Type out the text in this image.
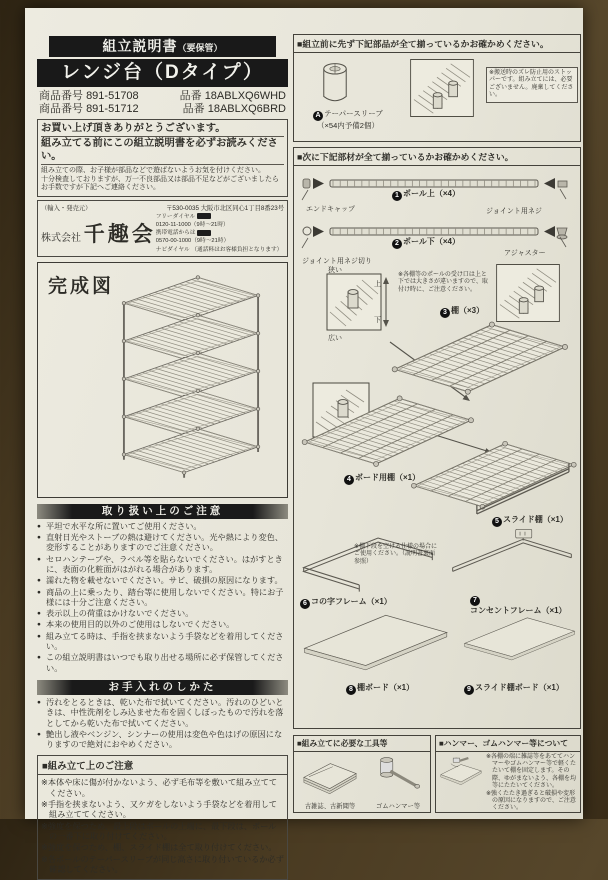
組立説明書（要保管）
レンジ台（Dタイプ）
商品番号 891-51708	品番 18ABLXQ6WHD
商品番号 891-51712	品番 18ABLXQ6BRD
お買い上げ頂きありがとうございます。
組み立てる前にこの組立説明書を必ずお読みください。
組み立ての際、お子様が部品などで遊ばないようお気を付けください。
十分検査しておりますが、万一不良部品又は部品不足などがございましたらお手数ですが下記へご連絡ください。
（輸入・発売元）	〒530-0035 大阪市北区同心1丁目8番23号
株式会社 千趣会
フリーダイヤル 0120-11-1000（9時〜21時）
携帯電話からは 0570-00-1000（9時〜21時）
ナビダイヤル （通話料はお客様負担となります）
完成図
取り扱い上のご注意
● 平坦で水平な所に置いてご使用ください。
● 直射日光やストーブの熱は避けてください。光や熱により変色、変形することがありますのでご注意ください。
● セロハンテープや、ラベル等を貼らないでください。はがすときに、表面の化粧面がはがれる場合があります。
● 濡れた物を載せないでください。サビ、破損の原因になります。
● 商品の上に乗ったり、踏台等に使用しないでください。特にお子様には十分ご注意ください。
● 表示以上の荷重はかけないでください。
● 本来の使用目的以外のご使用はしないでください。
● 組み立てる時は、手指を挟まないよう手袋などを着用してください。
● この組立説明書はいつでも取り出せる場所に必ず保管してください。
お手入れのしかた
● 汚れをとるときは、乾いた布で拭いてください。汚れのひどいときは、中性洗剤をしみ込ませた布を固くしぼったもので汚れを落としてから乾いた布で拭いてください。
● 艶出し液やベンジン、シンナーの使用は変色や色はげの原因になりますので絶対におやめください。
■組み立て上のご注意
※本体や床に傷が付かないよう、必ず毛布等を敷いて組み立ててください。
※手指を挟まないよう、又ケガをしないよう手袋などを着用して組み立ててください。
※強度を保つため、最上段はポールの上端に、最下段は、ポールの一番下に取り付けてください。
※強度を保つため、棚、スライド棚は全て取り付けてください。
※各ポールのテーパースリーブが同じ高さに取り付いているか必ず確認してください。
■組立前に先ず下記部品が全て揃っているかお確かめください。
A テーパースリーブ
（×54内予備2個）
※搬送時のズレ防止用のストッパーです。組み立てには、必要ございません。廃棄してください。
■次に下記部材が全て揃っているかお確かめください。
エンドキャップ
1 ポール上（×4）
ジョイント用ネジ
ジョイント用ネジ切り
2 ポール下（×4）
アジャスター
狭い
上
下
広い
※各棚等のポールの受け口は上と下では大きさが違いますので、取付け時に、ご注意ください。
3 棚（×3）
4 ボード用棚（×1）
5 スライド棚（×1）
※棚下段を空ける仕様の場合にご使用ください。（説明書裏面参照）
6 コの字フレーム（×1）	7コンセントフレーム（×1）
8 棚ボード（×1）	9 スライド棚ボード（×1）
■組み立てに必要な工具等
古雑誌、古新聞等	ゴムハンマー等
■ハンマー、ゴムハンマー等について
※各棚の端に雑誌等をあててハンマーやゴムハンマー等で軽くたたいて棚を固定します。その際、ゆがまないよう、各棚を均等にたたいてください。
※強くたたき過ぎると破損や変形の原因になりますので、ご注意ください。
